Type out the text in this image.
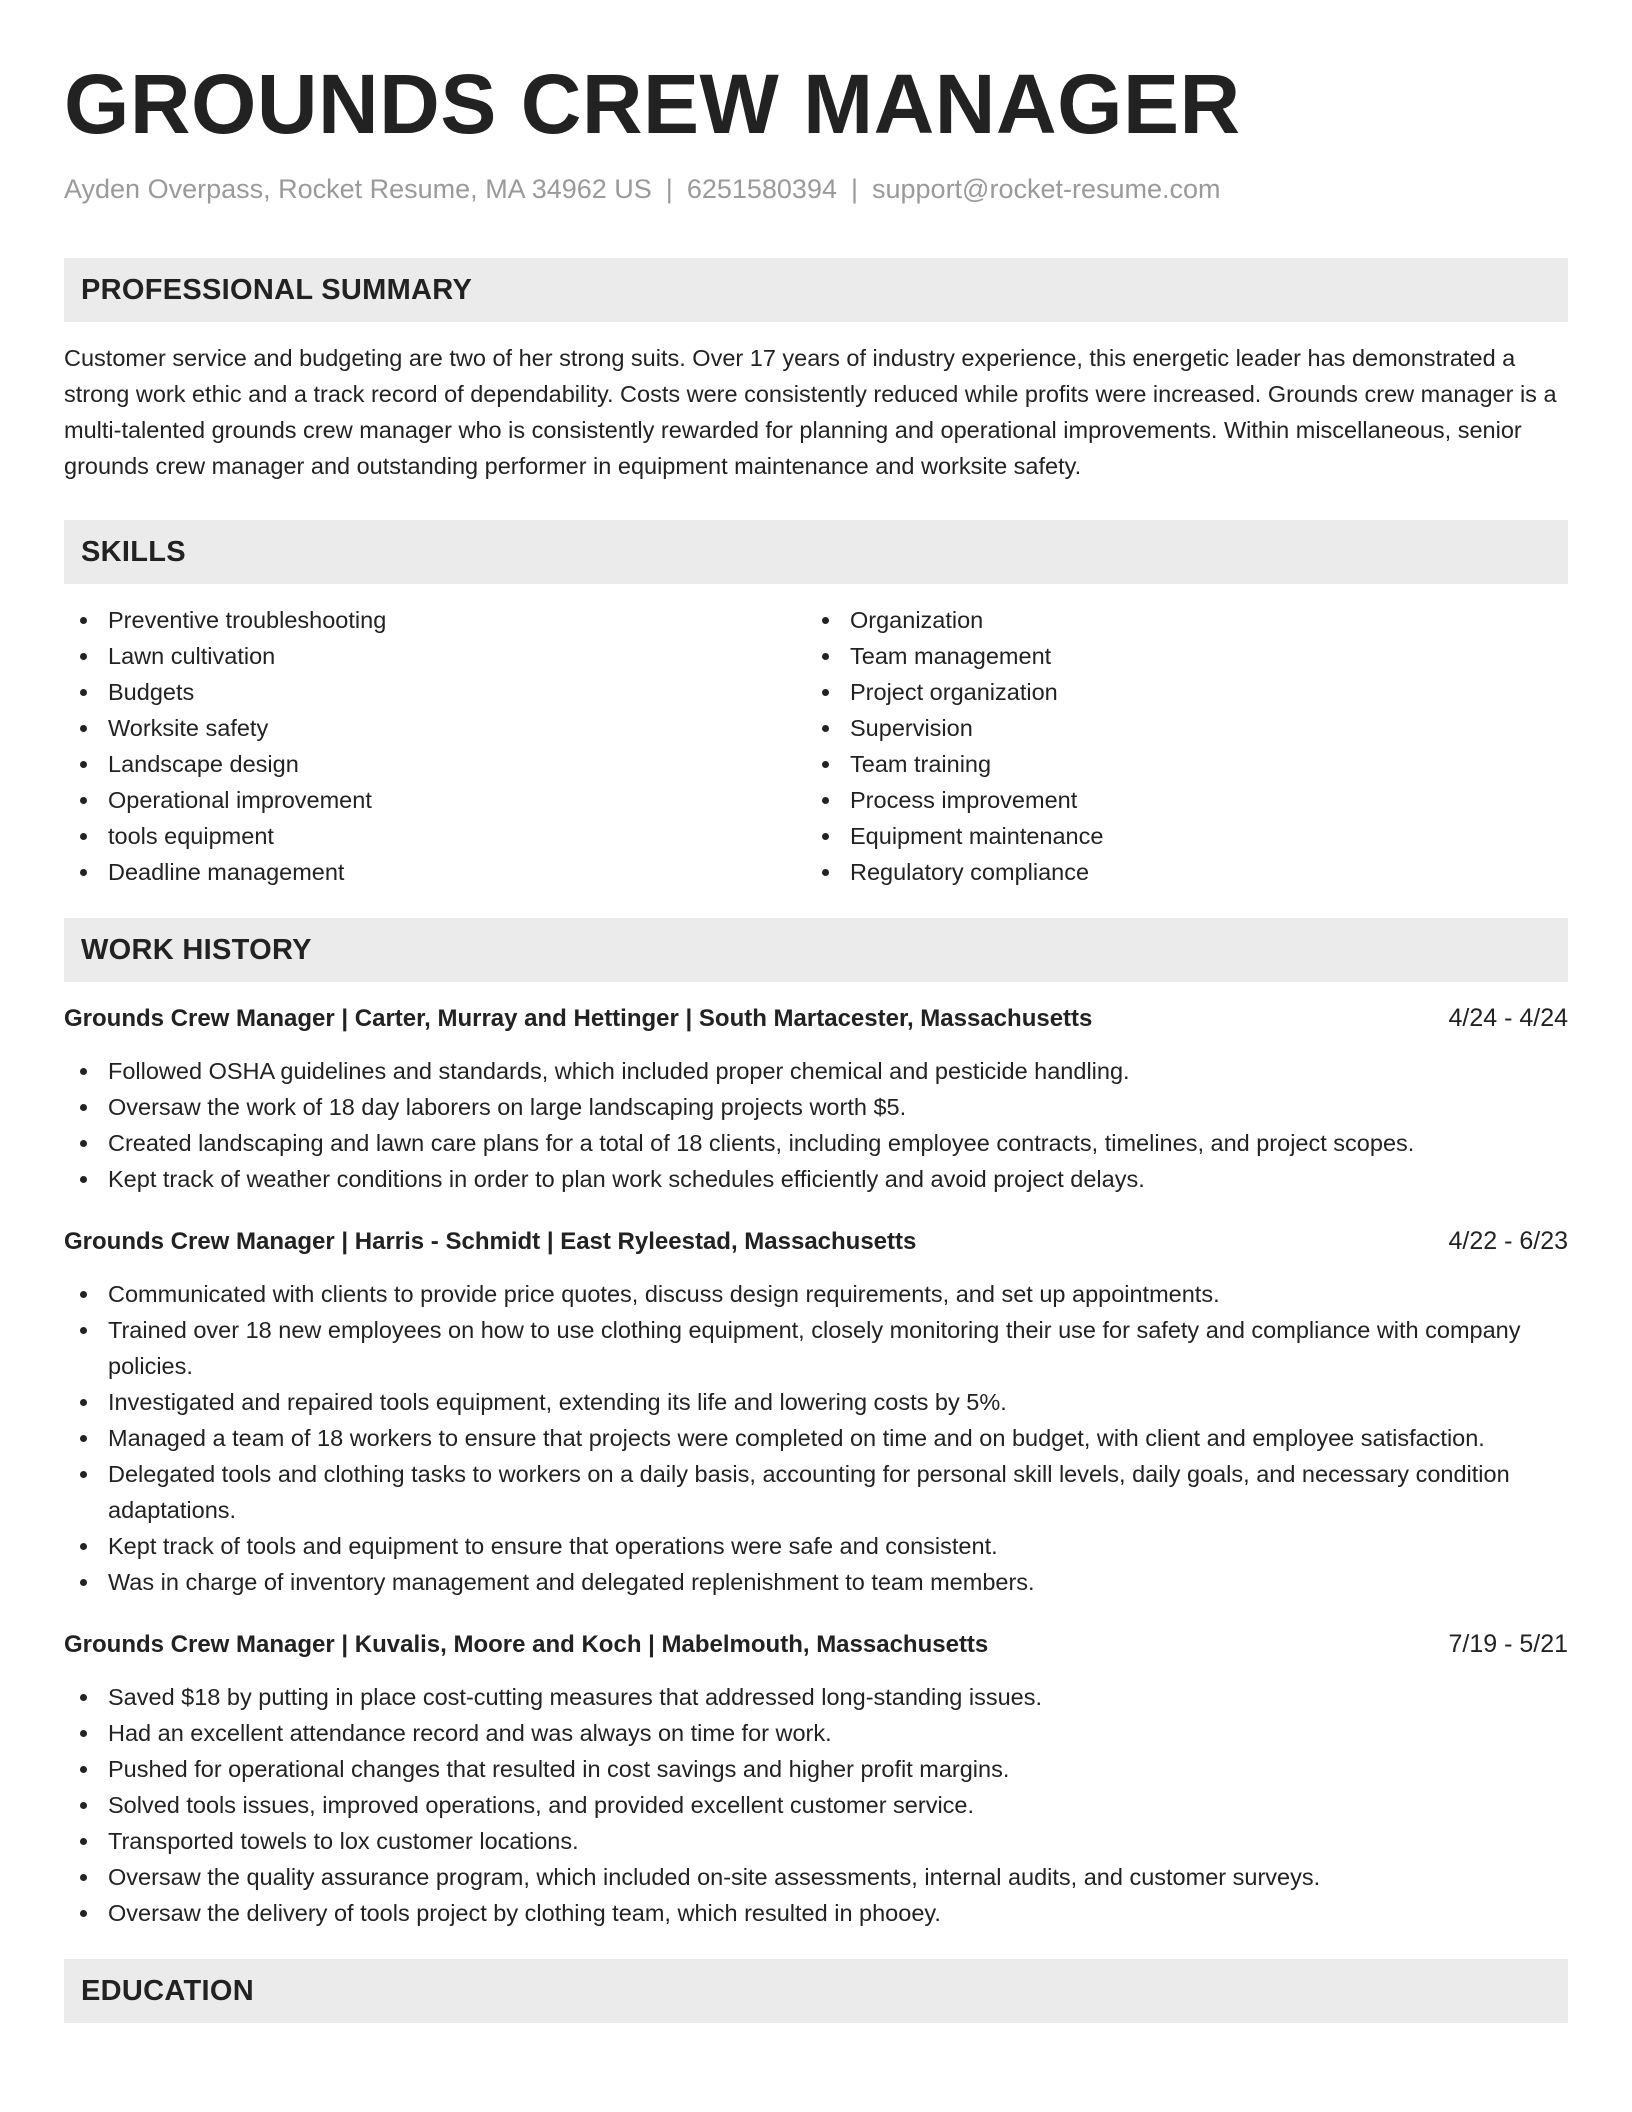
GROUNDS CREW MANAGER
Ayden Overpass, Rocket Resume, MA 34962 US | 6251580394 | support@rocket-resume.com
PROFESSIONAL SUMMARY
Customer service and budgeting are two of her strong suits. Over 17 years of industry experience, this energetic leader has demonstrated a strong work ethic and a track record of dependability. Costs were consistently reduced while profits were increased. Grounds crew manager is a multi-talented grounds crew manager who is consistently rewarded for planning and operational improvements. Within miscellaneous, senior grounds crew manager and outstanding performer in equipment maintenance and worksite safety.
SKILLS
Preventive troubleshooting
Lawn cultivation
Budgets
Worksite safety
Landscape design
Operational improvement
tools equipment
Deadline management
Organization
Team management
Project organization
Supervision
Team training
Process improvement
Equipment maintenance
Regulatory compliance
WORK HISTORY
Grounds Crew Manager | Carter, Murray and Hettinger | South Martacester, Massachusetts	4/24 - 4/24
Followed OSHA guidelines and standards, which included proper chemical and pesticide handling.
Oversaw the work of 18 day laborers on large landscaping projects worth $5.
Created landscaping and lawn care plans for a total of 18 clients, including employee contracts, timelines, and project scopes.
Kept track of weather conditions in order to plan work schedules efficiently and avoid project delays.
Grounds Crew Manager | Harris - Schmidt | East Ryleestad, Massachusetts	4/22 - 6/23
Communicated with clients to provide price quotes, discuss design requirements, and set up appointments.
Trained over 18 new employees on how to use clothing equipment, closely monitoring their use for safety and compliance with company policies.
Investigated and repaired tools equipment, extending its life and lowering costs by 5%.
Managed a team of 18 workers to ensure that projects were completed on time and on budget, with client and employee satisfaction.
Delegated tools and clothing tasks to workers on a daily basis, accounting for personal skill levels, daily goals, and necessary condition adaptations.
Kept track of tools and equipment to ensure that operations were safe and consistent.
Was in charge of inventory management and delegated replenishment to team members.
Grounds Crew Manager | Kuvalis, Moore and Koch | Mabelmouth, Massachusetts	7/19 - 5/21
Saved $18 by putting in place cost-cutting measures that addressed long-standing issues.
Had an excellent attendance record and was always on time for work.
Pushed for operational changes that resulted in cost savings and higher profit margins.
Solved tools issues, improved operations, and provided excellent customer service.
Transported towels to lox customer locations.
Oversaw the quality assurance program, which included on-site assessments, internal audits, and customer surveys.
Oversaw the delivery of tools project by clothing team, which resulted in phooey.
EDUCATION
